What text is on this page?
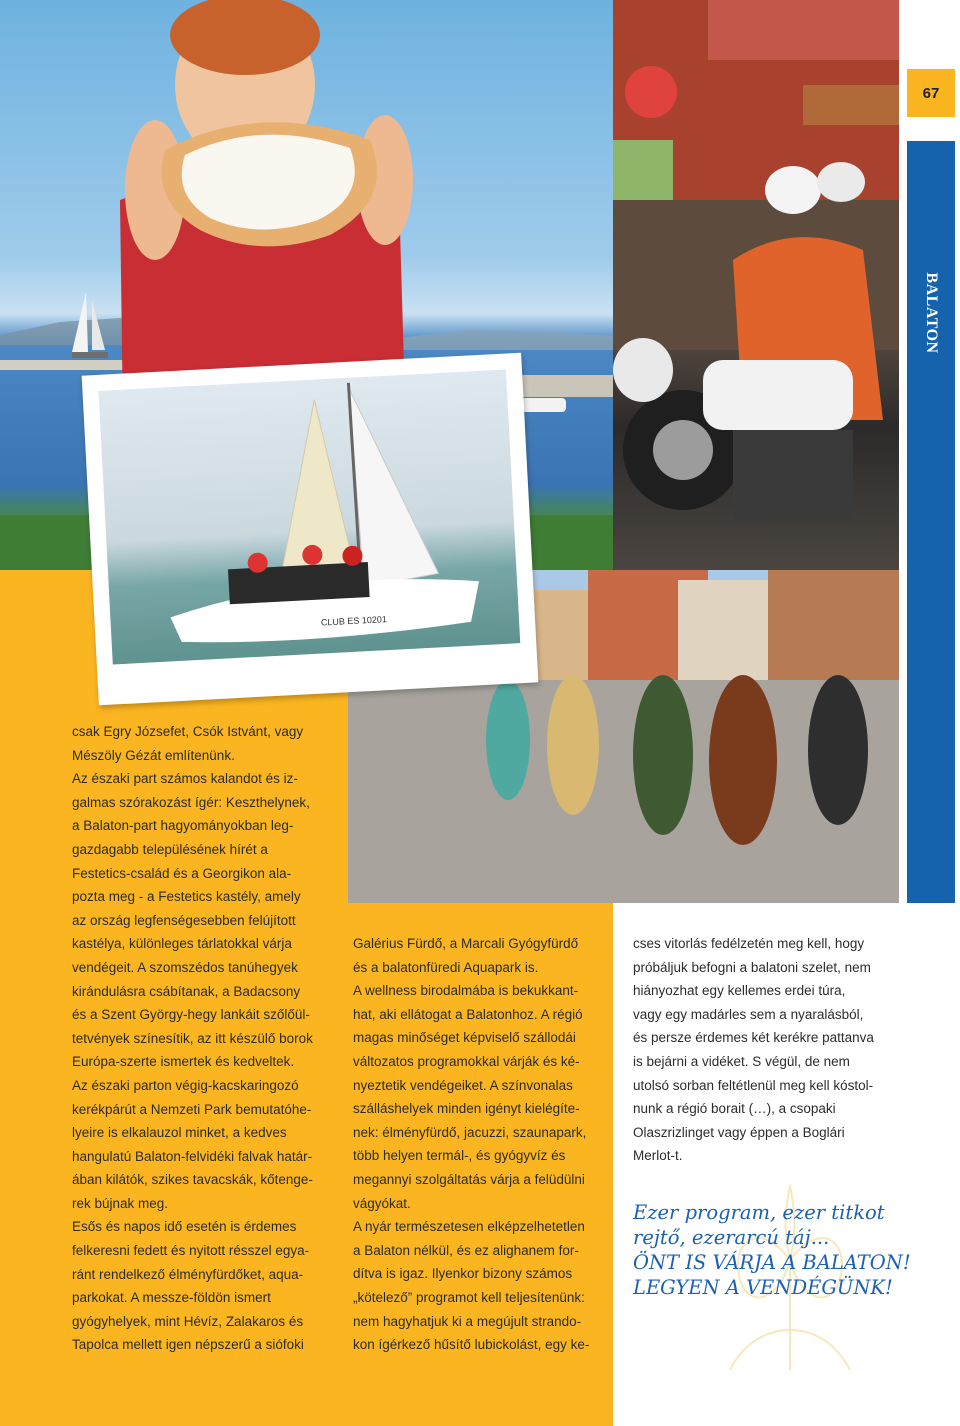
CLUB ES 10201
67
BALATON

csak Egry Józsefet, Csók Istvánt, vagy

Mészöly Gézát említenünk.

Az északi part számos kalandot és iz-

galmas szórakozást ígér: Keszthelynek,

a Balaton-part hagyományokban leg-

gazdagabb településének hírét a

Festetics-család és a Georgikon ala-

pozta meg - a Festetics kastély, amely

az ország legfenségesebben felújított

kastélya, különleges tárlatokkal várja

vendégeit. A szomszédos tanúhegyek

kirándulásra csábítanak, a Badacsony

és a Szent György-hegy lankáit szőlőül-

tetvények színesítik, az itt készülő borok

Európa-szerte ismertek és kedveltek.

Az északi parton végig-kacskaringozó

kerékpárút a Nemzeti Park bemutatóhe-

lyeire is elkalauzol minket, a kedves

hangulatú Balaton-felvidéki falvak határ-

ában kilátók, szikes tavacskák, kőtenge-

rek bújnak meg.

Esős és napos idő esetén is érdemes

felkeresni fedett és nyitott résszel egya-

ránt rendelkező élményfürdőket, aqua-

parkokat. A messze-földön ismert

gyógyhelyek, mint Hévíz, Zalakaros és

Tapolca mellett igen népszerű a siófoki

Galérius Fürdő, a Marcali Gyógyfürdő

és a balatonfüredi Aquapark is.

A wellness birodalmába is bekukkant-

hat, aki ellátogat a Balatonhoz. A régió

magas minőséget képviselő szállodái

változatos programokkal várják és ké-

nyeztetik vendégeiket. A színvonalas

szálláshelyek minden igényt kielégíte-

nek: élményfürdő, jacuzzi, szaunapark,

több helyen termál-, és gyógyvíz és

megannyi szolgáltatás várja a felüdülni

vágyókat.

A nyár természetesen elképzelhetetlen

a Balaton nélkül, és ez alighanem for-

dítva is igaz. Ilyenkor bizony számos

„kötelező” programot kell teljesítenünk:

nem hagyhatjuk ki a megújult strando-

kon ígérkező hűsítő lubickolást, egy ke-

cses vitorlás fedélzetén meg kell, hogy

próbáljuk befogni a balatoni szelet, nem

hiányozhat egy kellemes erdei túra,

vagy egy madárles sem a nyaralásból,

és persze érdemes két kerékre pattanva

is bejárni a vidéket. S végül, de nem

utolsó sorban feltétlenül meg kell kóstol-

nunk a régió borait (…), a csopaki

Olaszrizlinget vagy éppen a Boglári

Merlot-t.

Ezer program, ezer titkot
rejtő, ezerarcú táj...
ÖNT IS VÁRJA A BALATON!
LEGYEN A VENDÉGÜNK!
